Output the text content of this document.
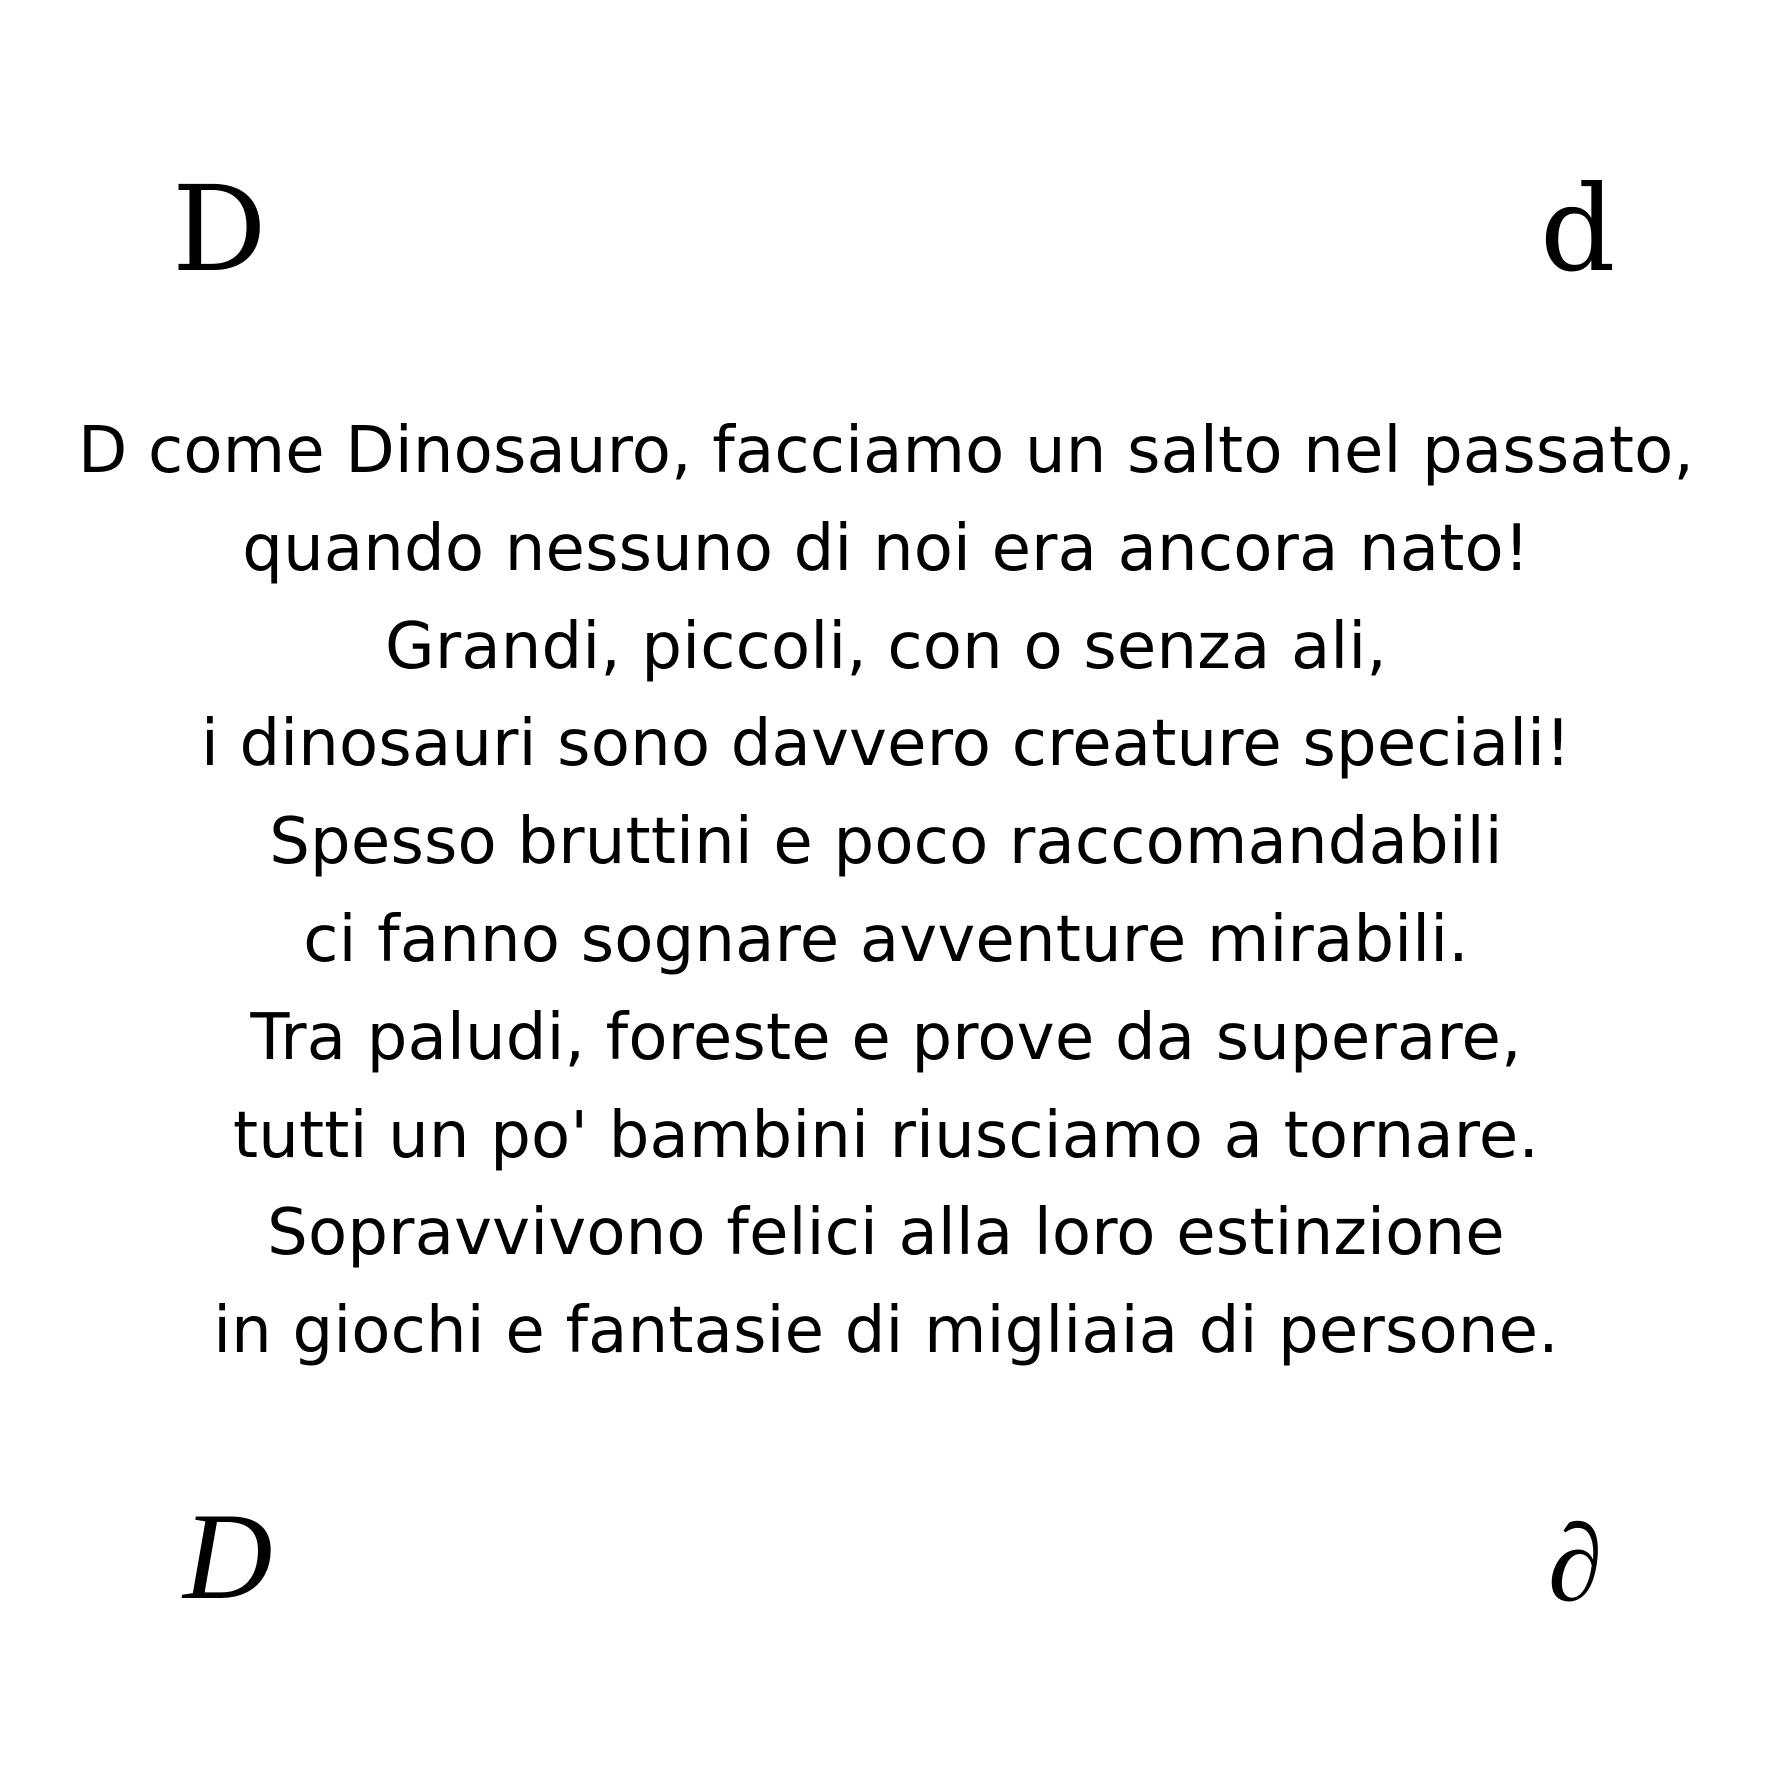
D	d
D come Dinosauro, facciamo un salto nel passato,
quando nessuno di noi era ancora nato!
Grandi, piccoli, con o senza ali,
i dinosauri sono davvero creature speciali!
Spesso bruttini e poco raccomandabili
ci fanno sognare avventure mirabili.
Tra paludi, foreste e prove da superare,
tutti un po' bambini riusciamo a tornare.
Sopravvivono felici alla loro estinzione
in giochi e fantasie di migliaia di persone.
D	∂
